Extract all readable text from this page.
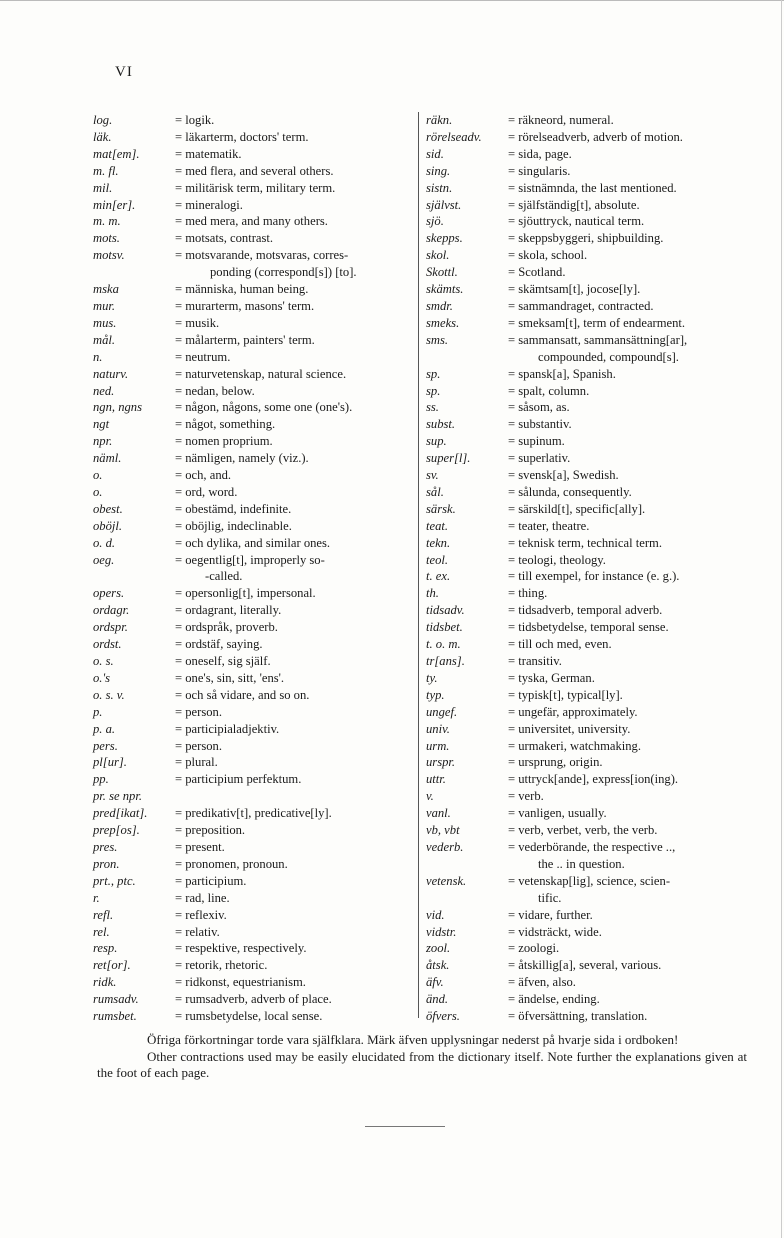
VI
log.	= logik.
läk.	= läkarterm, doctors' term.
mat[em].	= matematik.
m. fl.	= med flera, and several others.
mil.	= militärisk term, military term.
min[er].	= mineralogi.
m. m.	= med mera, and many others.
mots.	= motsats, contrast.
motsv.	= motsvarande, motsvaras, corres-
ponding (correspond[s]) [to].
mska	= människa, human being.
mur.	= murarterm, masons' term.
mus.	= musik.
mål.	= målarterm, painters' term.
n.	= neutrum.
naturv.	= naturvetenskap, natural science.
ned.	= nedan, below.
ngn, ngns	= någon, någons, some one (one's).
ngt	= något, something.
npr.	= nomen proprium.
näml.	= nämligen, namely (viz.).
o.	= och, and.
o.	= ord, word.
obest.	= obestämd, indefinite.
oböjl.	= oböjlig, indeclinable.
o. d.	= och dylika, and similar ones.
oeg.	= oegentlig[t], improperly so-
-called.
opers.	= opersonlig[t], impersonal.
ordagr.	= ordagrant, literally.
ordspr.	= ordspråk, proverb.
ordst.	= ordstäf, saying.
o. s.	= oneself, sig själf.
o.'s	= one's, sin, sitt, 'ens'.
o. s. v.	= och så vidare, and so on.
p.	= person.
p. a.	= participialadjektiv.
pers.	= person.
pl[ur].	= plural.
pp.	= participium perfektum.
pr. se npr.
pred[ikat].	= predikativ[t], predicative[ly].
prep[os].	= preposition.
pres.	= present.
pron.	= pronomen, pronoun.
prt., ptc.	= participium.
r.	= rad, line.
refl.	= reflexiv.
rel.	= relativ.
resp.	= respektive, respectively.
ret[or].	= retorik, rhetoric.
ridk.	= ridkonst, equestrianism.
rumsadv.	= rumsadverb, adverb of place.
rumsbet.	= rumsbetydelse, local sense.
räkn.	= räkneord, numeral.
rörelseadv.	= rörelseadverb, adverb of motion.
sid.	= sida, page.
sing.	= singularis.
sistn.	= sistnämnda, the last mentioned.
självst.	= själfständig[t], absolute.
sjö.	= sjöuttryck, nautical term.
skepps.	= skeppsbyggeri, shipbuilding.
skol.	= skola, school.
Skottl.	= Scotland.
skämts.	= skämtsam[t], jocose[ly].
smdr.	= sammandraget, contracted.
smeks.	= smeksam[t], term of endearment.
sms.	= sammansatt, sammansättning[ar],
compounded, compound[s].
sp.	= spansk[a], Spanish.
sp.	= spalt, column.
ss.	= såsom, as.
subst.	= substantiv.
sup.	= supinum.
super[l].	= superlativ.
sv.	= svensk[a], Swedish.
sål.	= sålunda, consequently.
särsk.	= särskild[t], specific[ally].
teat.	= teater, theatre.
tekn.	= teknisk term, technical term.
teol.	= teologi, theology.
t. ex.	= till exempel, for instance (e. g.).
th.	= thing.
tidsadv.	= tidsadverb, temporal adverb.
tidsbet.	= tidsbetydelse, temporal sense.
t. o. m.	= till och med, even.
tr[ans].	= transitiv.
ty.	= tyska, German.
typ.	= typisk[t], typical[ly].
ungef.	= ungefär, approximately.
univ.	= universitet, university.
urm.	= urmakeri, watchmaking.
urspr.	= ursprung, origin.
uttr.	= uttryck[ande], express[ion(ing).
v.	= verb.
vanl.	= vanligen, usually.
vb, vbt	= verb, verbet, verb, the verb.
vederb.	= vederbörande, the respective ..,
the .. in question.
vetensk.	= vetenskap[lig], science, scien-
tific.
vid.	= vidare, further.
vidstr.	= vidsträckt, wide.
zool.	= zoologi.
åtsk.	= åtskillig[a], several, various.
äfv.	= äfven, also.
änd.	= ändelse, ending.
öfvers.	= öfversättning, translation.

Öfriga förkortningar torde vara själfklara. Märk äfven upplysningar nederst på hvarje sida i ordboken!

Other contractions used may be easily elucidated from the dictionary itself. Note further the explanations given at the foot of each page.
